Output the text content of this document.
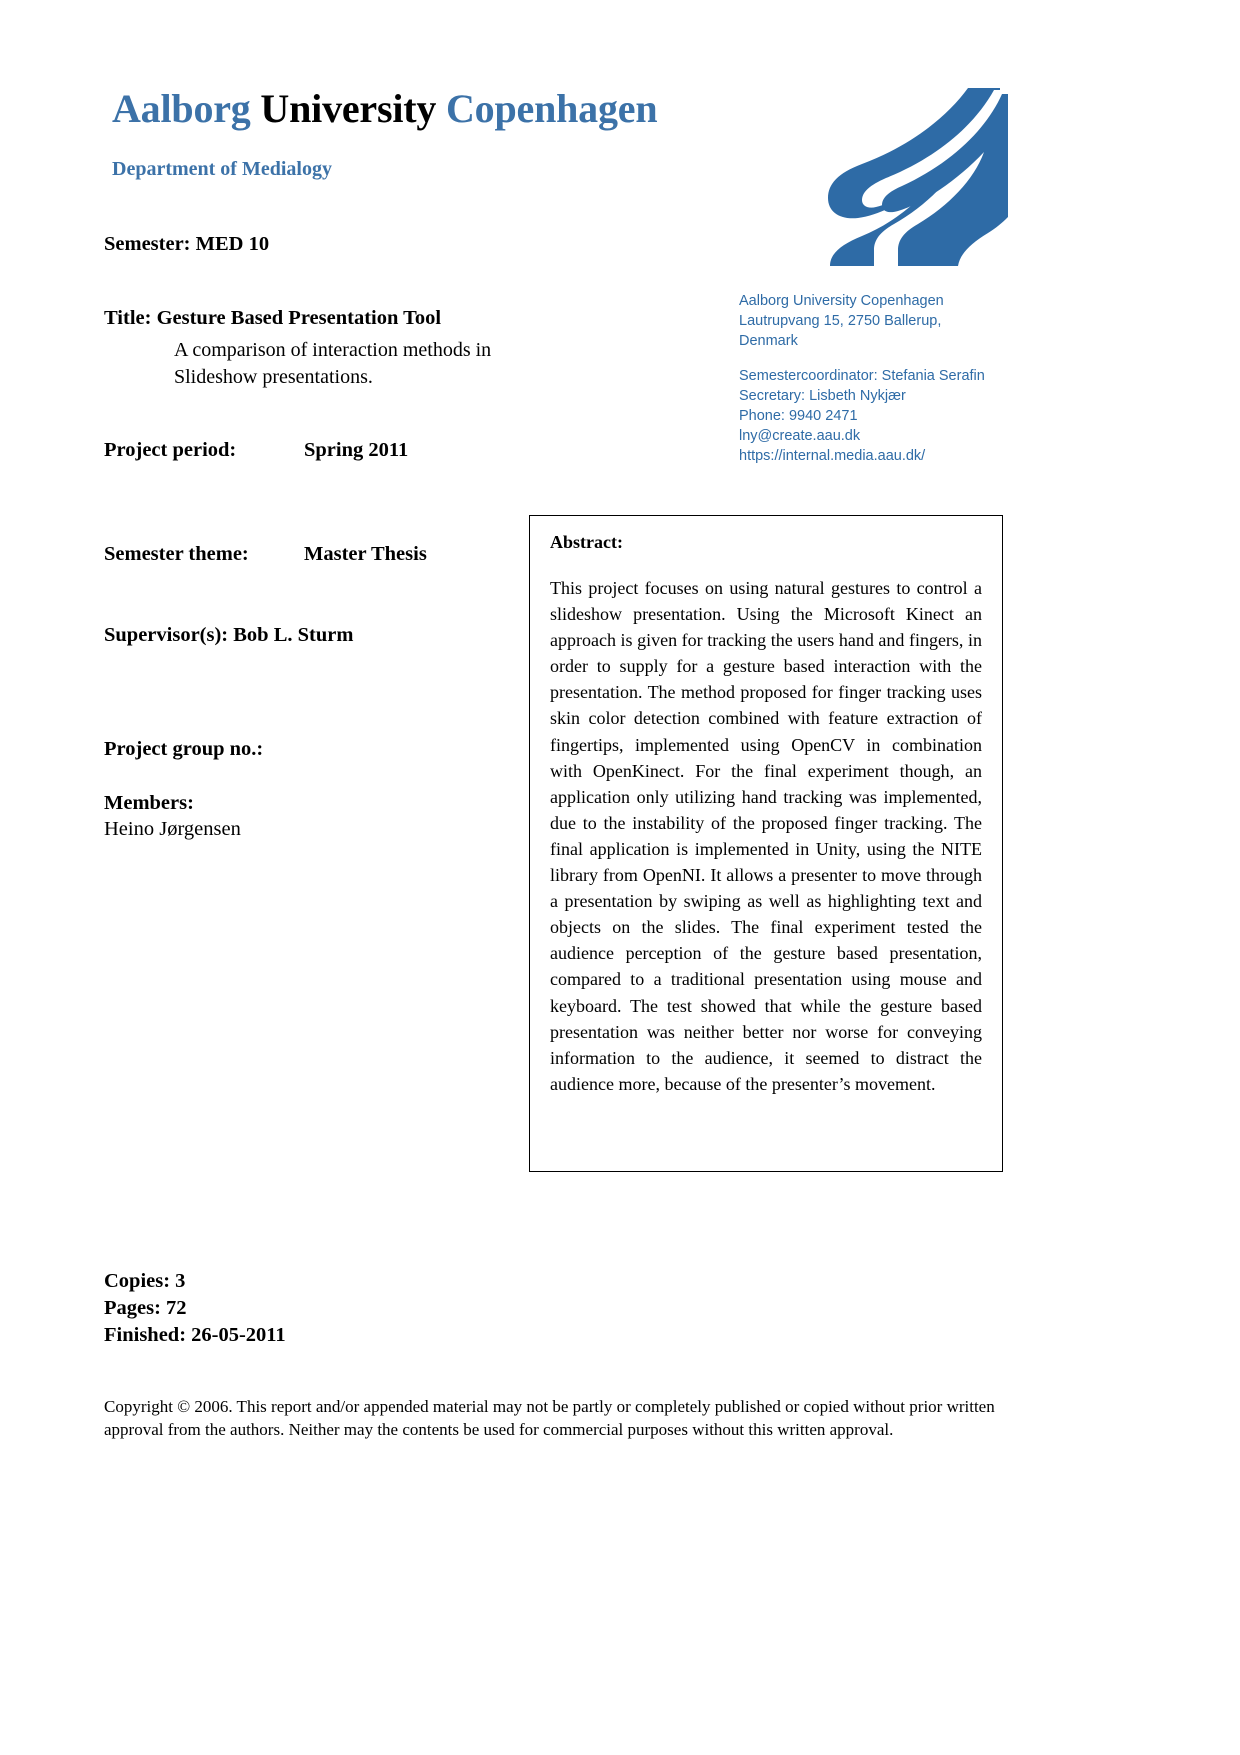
Aalborg University Copenhagen
Department of Medialogy
Aalborg University Copenhagen
Lautrupvang 15, 2750 Ballerup,
Denmark
Semestercoordinator: Stefania Serafin
Secretary: Lisbeth Nykjær
Phone: 9940 2471
lny@create.aau.dk
https://internal.media.aau.dk/
Semester: MED 10
Title: Gesture Based Presentation Tool
A comparison of interaction methods in
Slideshow presentations.
Project period:	Spring 2011
Semester theme:	Master Thesis
Supervisor(s): Bob L. Sturm
Project group no.:
Members:
Heino Jørgensen
Abstract:
This project focuses on using natural gestures to control a slideshow presentation. Using the Microsoft Kinect an approach is given for tracking the users hand and fingers, in order to supply for a gesture based interaction with the presentation. The method proposed for finger tracking uses skin color detection combined with feature extraction of fingertips, implemented using OpenCV in combination with OpenKinect. For the final experiment though, an application only utilizing hand tracking was implemented, due to the instability of the proposed finger tracking. The final application is implemented in Unity, using the NITE library from OpenNI. It allows a presenter to move through a presentation by swiping as well as highlighting text and objects on the slides. The final experiment tested the audience perception of the gesture based presentation, compared to a traditional presentation using mouse and keyboard. The test showed that while the gesture based presentation was neither better nor worse for conveying information to the audience, it seemed to distract the audience more, because of the presenter’s movement.
Copies: 3
Pages: 72
Finished: 26-05-2011
Copyright © 2006. This report and/or appended material may not be partly or completely published or copied without prior written approval from the authors. Neither may the contents be used for commercial purposes without this written approval.
